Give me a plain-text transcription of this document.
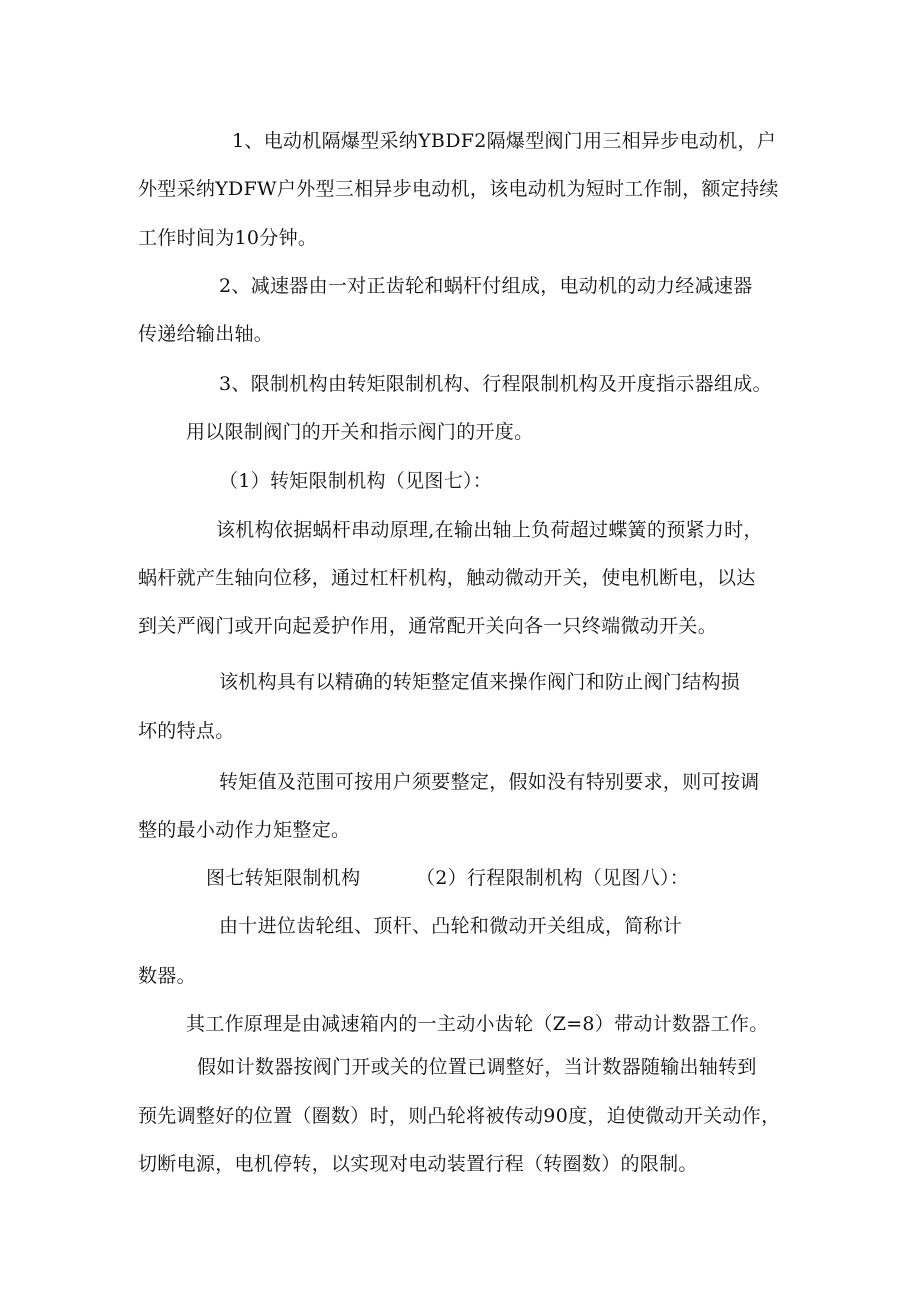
1、电动机隔爆型采纳YBDF2隔爆型阀门用三相异步电动机，户
外型采纳YDFW户外型三相异步电动机，该电动机为短时工作制，额定持续
工作时间为10分钟。
2、减速器由一对正齿轮和蜗杆付组成，电动机的动力经减速器
传递给输出轴。
3、限制机构由转矩限制机构、行程限制机构及开度指示器组成。
用以限制阀门的开关和指示阀门的开度。
（1）转矩限制机构（见图七）：
该机构依据蜗杆串动原理,在输出轴上负荷超过蝶簧的预紧力时，
蜗杆就产生轴向位移，通过杠杆机构，触动微动开关，使电机断电，以达
到关严阀门或开向起爰护作用，通常配开关向各一只终端微动开关。
该机构具有以精确的转矩整定值来操作阀门和防止阀门结构损
坏的特点。
转矩值及范围可按用户须要整定，假如没有特别要求，则可按调
整的最小动作力矩整定。
图七转矩限制机构	（2）行程限制机构（见图八）：
由十进位齿轮组、顶杆、凸轮和微动开关组成，简称计
数器。
其工作原理是由减速箱内的一主动小齿轮（Z=8）带动计数器工作。
假如计数器按阀门开或关的位置已调整好，当计数器随输出轴转到
预先调整好的位置（圈数）时，则凸轮将被传动90度，迫使微动开关动作，
切断电源，电机停转，以实现对电动装置行程（转圈数）的限制。
